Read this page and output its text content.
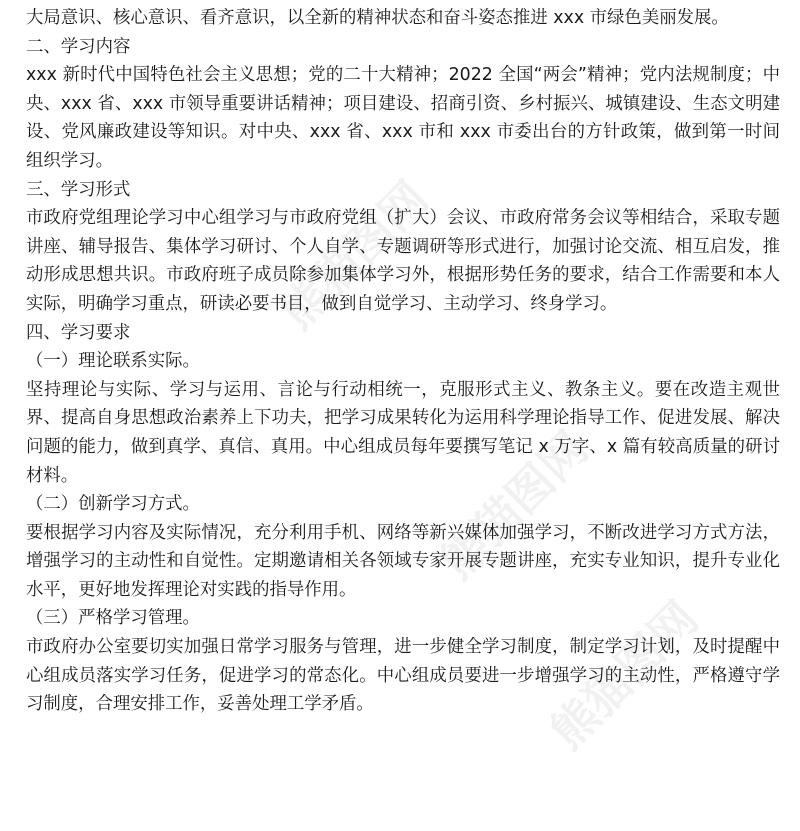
熊猫图网
熊猫图网
熊猫图网

大局意识、核心意识、看齐意识，以全新的精神状态和奋斗姿态推进 xxx 市绿色美丽发展。

二、学习内容

xxx 新时代中国特色社会主义思想；党的二十大精神；2022 全国“两会”精神；党内法规制度；中央、xxx 省、xxx 市领导重要讲话精神；项目建设、招商引资、乡村振兴、城镇建设、生态文明建设、党风廉政建设等知识。对中央、xxx 省、xxx 市和 xxx 市委出台的方针政策，做到第一时间组织学习。

三、学习形式

市政府党组理论学习中心组学习与市政府党组（扩大）会议、市政府常务会议等相结合，采取专题讲座、辅导报告、集体学习研讨、个人自学、专题调研等形式进行，加强讨论交流、相互启发，推动形成思想共识。市政府班子成员除参加集体学习外，根据形势任务的要求，结合工作需要和本人实际，明确学习重点，研读必要书目，做到自觉学习、主动学习、终身学习。

四、学习要求

（一）理论联系实际。

坚持理论与实际、学习与运用、言论与行动相统一，克服形式主义、教条主义。要在改造主观世界、提高自身思想政治素养上下功夫，把学习成果转化为运用科学理论指导工作、促进发展、解决问题的能力，做到真学、真信、真用。中心组成员每年要撰写笔记 x 万字、x 篇有较高质量的研讨材料。

（二）创新学习方式。

要根据学习内容及实际情况，充分利用手机、网络等新兴媒体加强学习，不断改进学习方式方法，增强学习的主动性和自觉性。定期邀请相关各领域专家开展专题讲座，充实专业知识，提升专业化水平，更好地发挥理论对实践的指导作用。

（三）严格学习管理。

市政府办公室要切实加强日常学习服务与管理，进一步健全学习制度，制定学习计划，及时提醒中心组成员落实学习任务，促进学习的常态化。中心组成员要进一步增强学习的主动性，严格遵守学习制度，合理安排工作，妥善处理工学矛盾。
